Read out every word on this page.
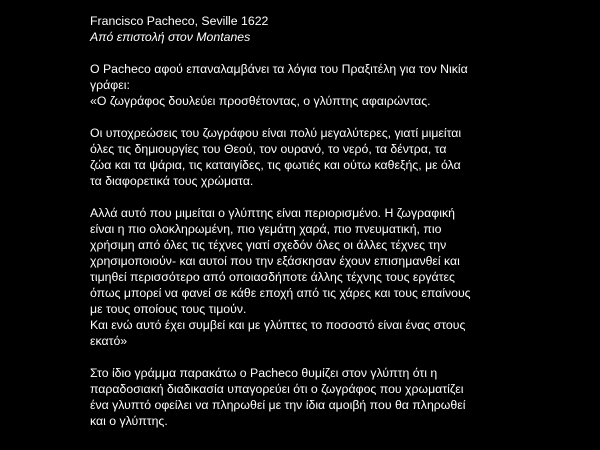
Francisco Pacheco, Seville 1622
Από επιστολή στον Montanes
Ο Pacheco αφού επαναλαμβάνει τα λόγια του Πραξιτέλη για τον Νικία
γράφει:
«Ο ζωγράφος δουλεύει προσθέτοντας, ο γλύπτης αφαιρώντας.
Οι υποχρεώσεις του ζωγράφου είναι πολύ μεγαλύτερες, γιατί μιμείται
όλες τις δημιουργίες του Θεού, τον ουρανό, το νερό, τα δέντρα, τα
ζώα και τα ψάρια, τις καταιγίδες, τις φωτιές και ούτω καθεξής, με όλα
τα διαφορετικά τους χρώματα.
Αλλά αυτό που μιμείται ο γλύπτης είναι περιορισμένο. Η ζωγραφική
είναι η πιο ολοκληρωμένη, πιο γεμάτη χαρά, πιο πνευματική, πιο
χρήσιμη από όλες τις τέχνες γιατί σχεδόν όλες οι άλλες τέχνες την
χρησιμοποιούν- και αυτοί που την εξάσκησαν έχουν επισημανθεί και
τιμηθεί περισσότερο από οποιασδήποτε άλλης τέχνης τους εργάτες
όπως μπορεί να φανεί σε κάθε εποχή από τις χάρες και τους επαίνους
με τους οποίους τους τιμούν.
Και ενώ αυτό έχει συμβεί και με γλύπτες το ποσοστό είναι ένας στους
εκατό»
Στο ίδιο γράμμα παρακάτω ο Pacheco θυμίζει στον γλύπτη ότι η
παραδοσιακή διαδικασία υπαγορεύει ότι ο ζωγράφος που χρωματίζει
ένα γλυπτό οφείλει να πληρωθεί με την ίδια αμοιβή που θα πληρωθεί
και ο γλύπτης.
